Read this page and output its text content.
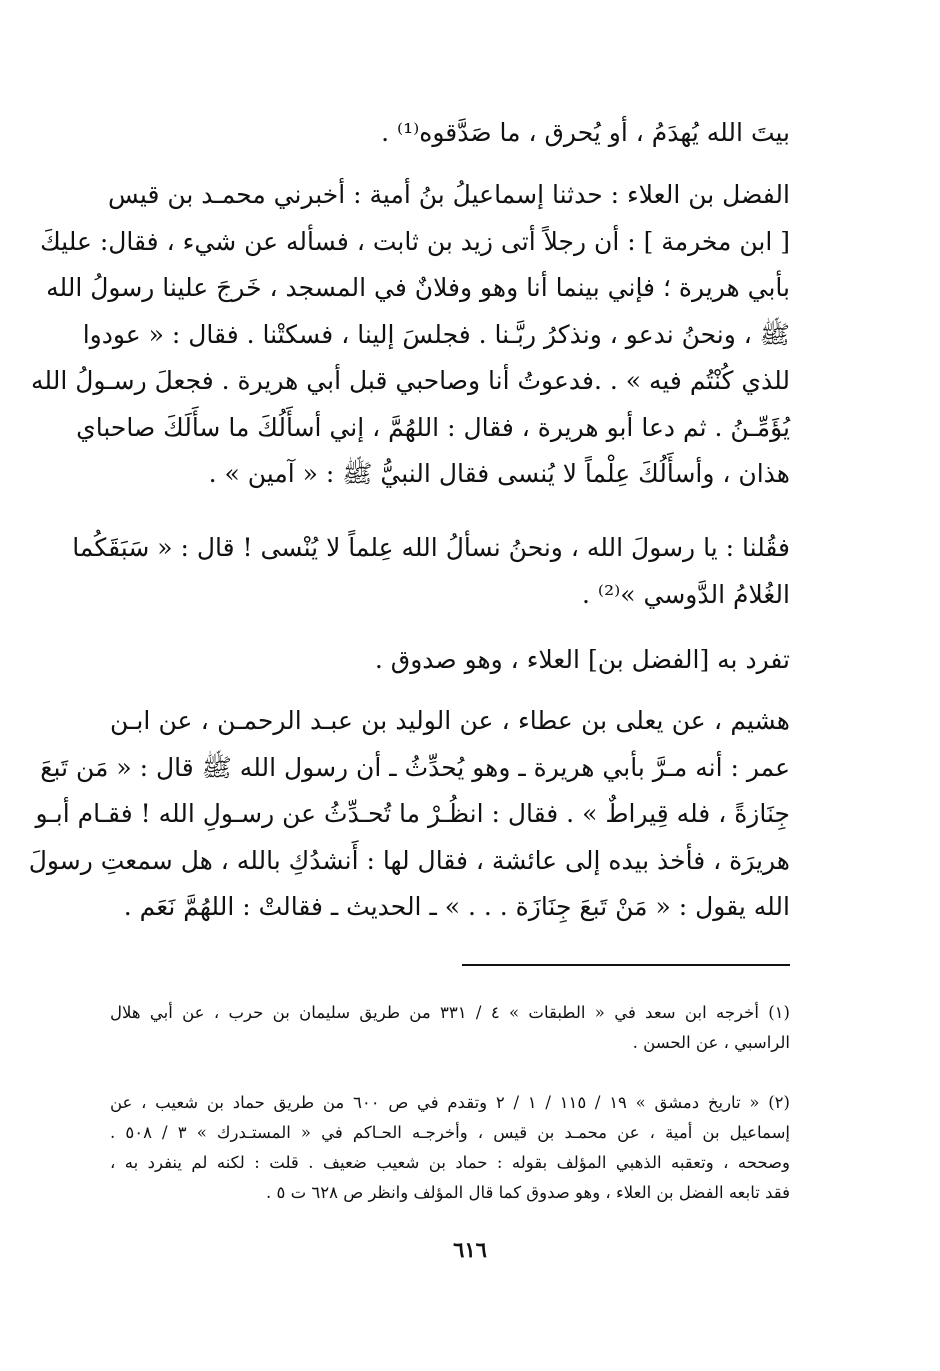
بيتَ الله يُهدَمُ ، أو يُحرق ، ما صَدَّقوه⁽¹⁾ .
الفضل بن العلاء : حدثنا إسماعيلُ بنُ أمية : أخبرني محمـد بن قيس
[ ابن مخرمة ] : أن رجلاً أتى زيد بن ثابت ، فسأله عن شيء ، فقال: عليكَ
بأبي هريرة ؛ فإني بينما أنا وهو وفلانٌ في المسجد ، خَرجَ علينا رسولُ الله
ﷺ ، ونحنُ ندعو ، ونذكرُ ربَّـنا . فجلسَ إلينا ، فسكتْنا . فقال : « عودوا
للذي كُنْتُم فيه » . .فدعوتُ أنا وصاحبي قبل أبي هريرة . فجعلَ رسـولُ الله
يُؤَمِّـنُ . ثم دعا أبو هريرة ، فقال : اللهُمَّ ، إني أسأَلُكَ ما سأَلَكَ صاحباي
هذان ، وأسأَلُكَ عِلْماً لا يُنسى فقال النبيُّ ﷺ : « آمين » .
فقُلنا : يا رسولَ الله ، ونحنُ نسألُ الله عِلماً لا يُنْسى ! قال : « سَبَقَكُما
الغُلامُ الدَّوسي »⁽²⁾ .
تفرد به [الفضل بن] العلاء ، وهو صدوق .
هشيم ، عن يعلى بن عطاء ، عن الوليد بن عبـد الرحمـن ، عن ابـن
عمر : أنه مـرَّ بأبي هريرة ـ وهو يُحدِّثُ ـ أن رسول الله ﷺ قال : « مَن تَبعَ
جِنَازةً ، فله قِيراطٌ » . فقال : انظُـرْ ما تُحـدِّثُ عن رسـولِ الله ! فقـام أبـو
هريرَة ، فأخذ بيده إلى عائشة ، فقال لها : أَنشدُكِ بالله ، هل سمعتِ رسولَ
الله يقول : « مَنْ تَبعَ جِنَازَة . . . » ـ الحديث ـ فقالتْ : اللهُمَّ نَعَم .
(١) أخرجه ابن سعد في « الطبقات » ٤ / ٣٣١ من طريق سليمان بن حرب ، عن أبي هلال
الراسبي ، عن الحسن .
(٢) « تاريخ دمشق » ١٩ / ١١٥ / ١ / ٢ وتقدم في ص ٦٠٠ من طريق حماد بن شعيب ، عن
إسماعيل بن أمية ، عن محمـد بن قيس ، وأخرجـه الحـاكم في « المستـدرك » ٣ / ٥٠٨ .
وصححه ، وتعقبه الذهبي المؤلف بقوله : حماد بن شعيب ضعيف . قلت : لكنه لم ينفرد به ،
فقد تابعه الفضل بن العلاء ، وهو صدوق كما قال المؤلف وانظر ص ٦٢٨ ت ٥ .
٦١٦
